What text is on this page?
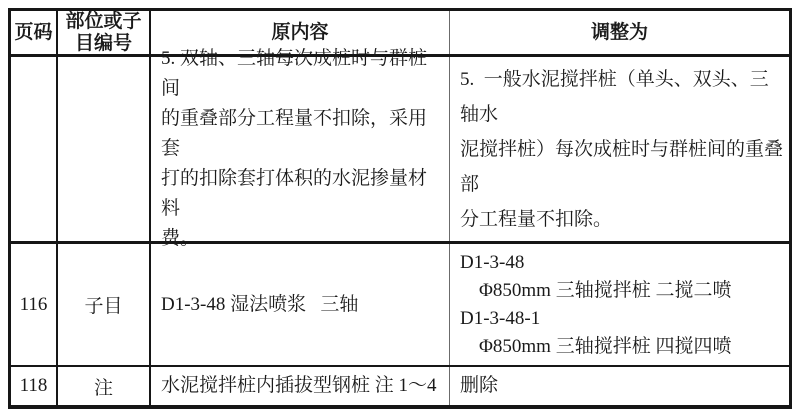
页码
部位或子目编号
原内容	调整为
5. 双轴、三轴每次成桩时与群桩间
的重叠部分工程量不扣除，采用套
打的扣除套打体积的水泥掺量材料
费。
5.  一般水泥搅拌桩（单头、双头、三轴水
泥搅拌桩）每次成桩时与群桩间的重叠部
分工程量不扣除。
116 子目 D1-3-48 湿法喷浆   三轴
D1-3-48
Φ850mm 三轴搅拌桩 二搅二喷
D1-3-48-1
Φ850mm 三轴搅拌桩 四搅四喷
118 注	水泥搅拌桩内插拔型钢桩 注 1～4 删除
